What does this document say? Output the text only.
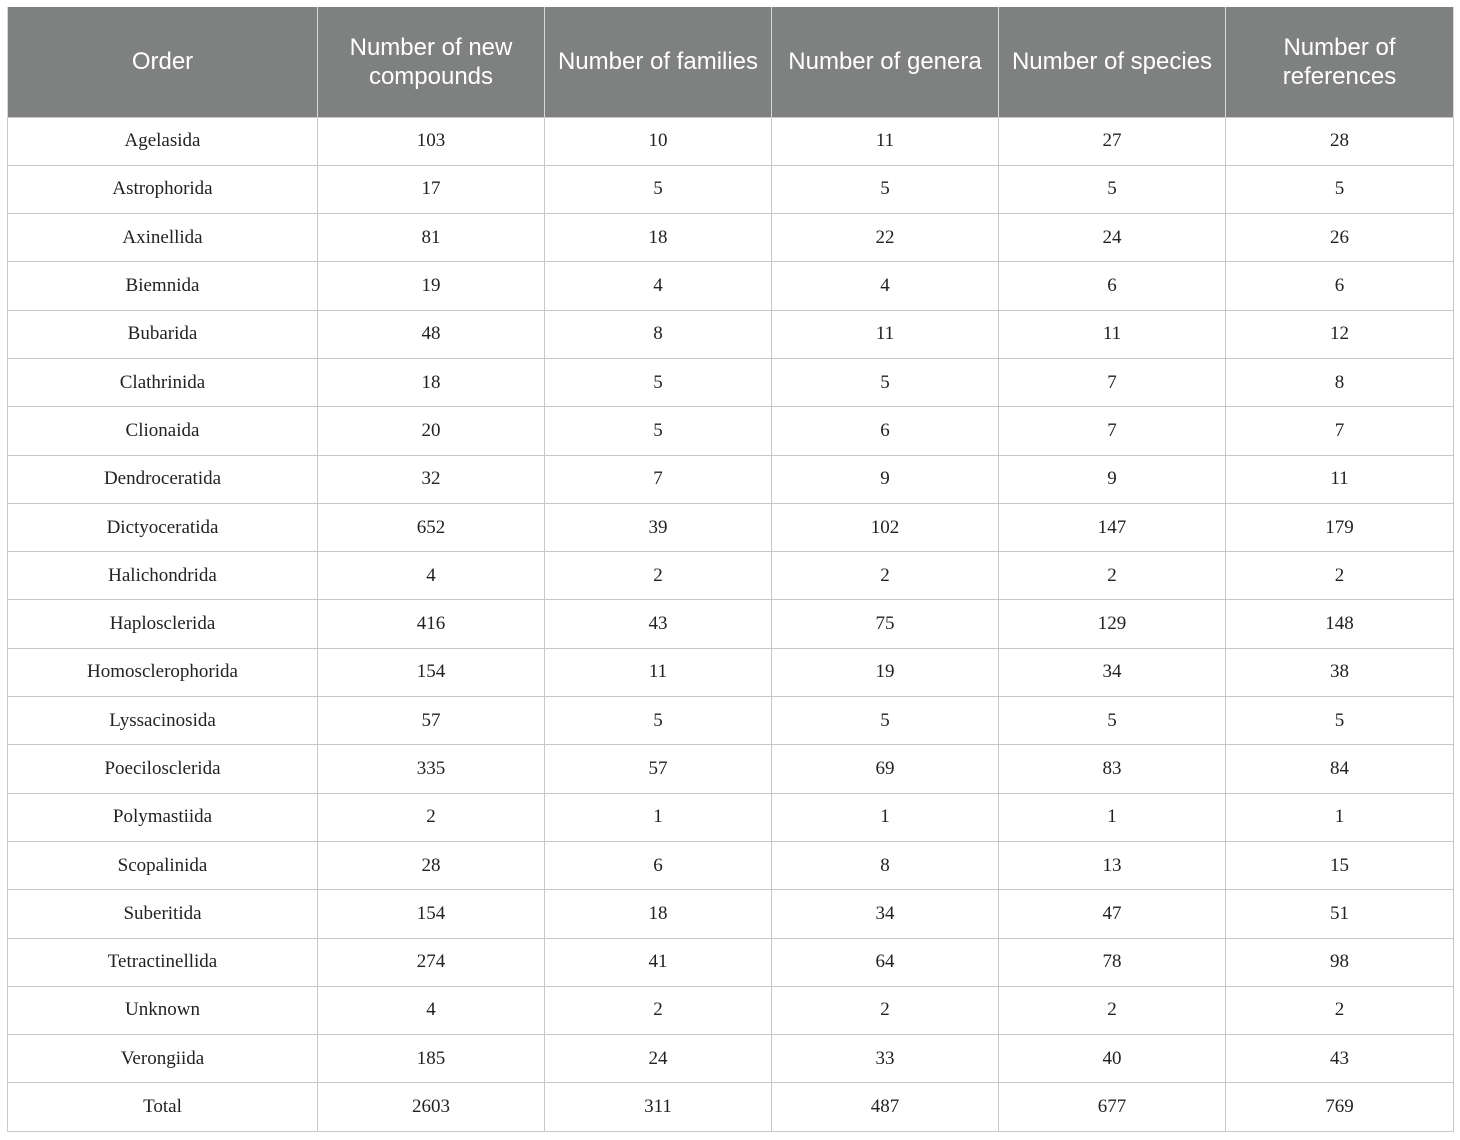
Order	Number of new compounds	Number of families	Number of genera	Number of species	Number of references
Agelasida	103	10	11	27	28
Astrophorida	17	5	5	5	5
Axinellida	81	18	22	24	26
Biemnida	19	4	4	6	6
Bubarida	48	8	11	11	12
Clathrinida	18	5	5	7	8
Clionaida	20	5	6	7	7
Dendroceratida	32	7	9	9	11
Dictyoceratida	652	39	102	147	179
Halichondrida	4	2	2	2	2
Haplosclerida	416	43	75	129	148
Homosclerophorida	154	11	19	34	38
Lyssacinosida	57	5	5	5	5
Poecilosclerida	335	57	69	83	84
Polymastiida	2	1	1	1	1
Scopalinida	28	6	8	13	15
Suberitida	154	18	34	47	51
Tetractinellida	274	41	64	78	98
Unknown	4	2	2	2	2
Verongiida	185	24	33	40	43
Total	2603	311	487	677	769
